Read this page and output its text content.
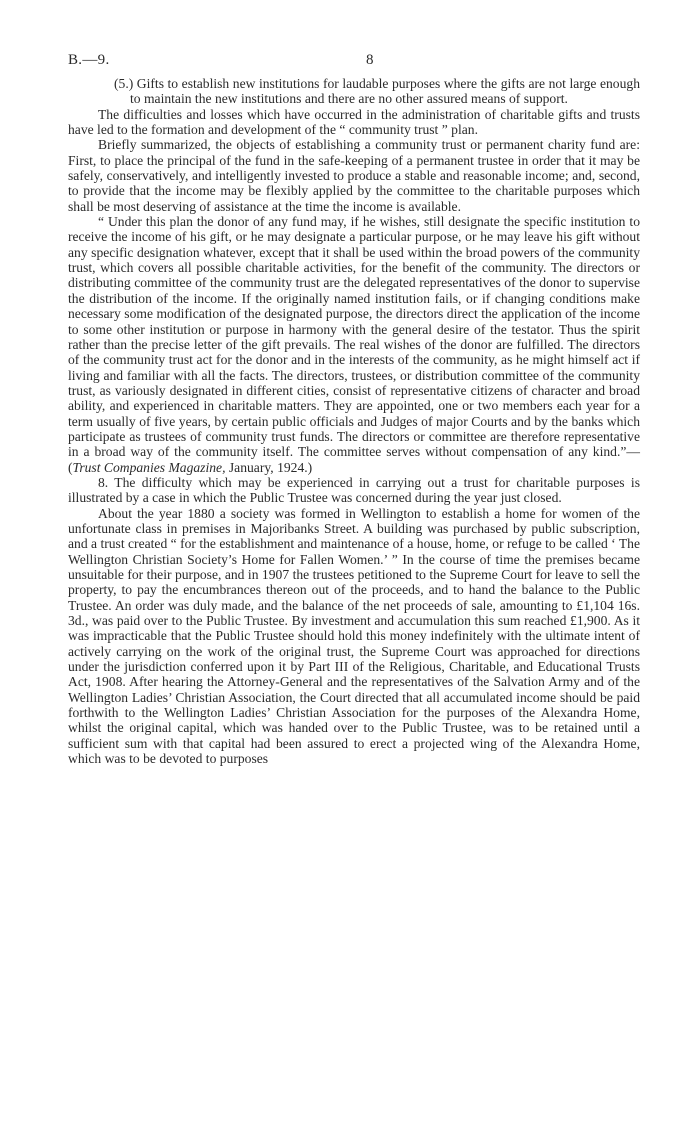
B.—9.	8

(5.) Gifts to establish new institutions for laudable purposes where the gifts are not large enough to maintain the new institutions and there are no other assured means of support.

The difficulties and losses which have occurred in the administration of charitable gifts and trusts have led to the formation and development of the “ community trust ” plan.

Briefly summarized, the objects of establishing a community trust or permanent charity fund are: First, to place the principal of the fund in the safe-keeping of a permanent trustee in order that it may be safely, conservatively, and intelligently invested to produce a stable and reasonable income; and, second, to provide that the income may be flexibly applied by the committee to the charitable purposes which shall be most deserving of assistance at the time the income is available.

“ Under this plan the donor of any fund may, if he wishes, still designate the specific institution to receive the income of his gift, or he may designate a particular purpose, or he may leave his gift without any specific designation whatever, except that it shall be used within the broad powers of the community trust, which covers all possible charitable activities, for the benefit of the community. The directors or distributing committee of the community trust are the delegated representatives of the donor to supervise the distribution of the income. If the originally named institution fails, or if changing conditions make necessary some modification of the designated purpose, the directors direct the application of the income to some other institution or purpose in harmony with the general desire of the testator. Thus the spirit rather than the precise letter of the gift prevails. The real wishes of the donor are fulfilled. The directors of the community trust act for the donor and in the interests of the community, as he might himself act if living and familiar with all the facts. The directors, trustees, or distribution committee of the community trust, as variously designated in different cities, consist of representative citizens of character and broad ability, and experienced in charitable matters. They are appointed, one or two members each year for a term usually of five years, by certain public officials and Judges of major Courts and by the banks which participate as trustees of community trust funds. The directors or committee are therefore representative in a broad way of the community itself. The committee serves without compensation of any kind.”—(Trust Companies Magazine, January, 1924.)

8. The difficulty which may be experienced in carrying out a trust for charitable purposes is illustrated by a case in which the Public Trustee was concerned during the year just closed.

About the year 1880 a society was formed in Wellington to establish a home for women of the unfortunate class in premises in Majoribanks Street. A building was purchased by public subscription, and a trust created “ for the establishment and maintenance of a house, home, or refuge to be called ‘ The Wellington Christian Society’s Home for Fallen Women.’ ” In the course of time the premises became unsuitable for their purpose, and in 1907 the trustees petitioned to the Supreme Court for leave to sell the property, to pay the encumbrances thereon out of the proceeds, and to hand the balance to the Public Trustee. An order was duly made, and the balance of the net proceeds of sale, amounting to £1,104 16s. 3d., was paid over to the Public Trustee. By investment and accumulation this sum reached £1,900. As it was impracticable that the Public Trustee should hold this money indefinitely with the ultimate intent of actively carrying on the work of the original trust, the Supreme Court was approached for directions under the jurisdiction conferred upon it by Part III of the Religious, Charitable, and Educational Trusts Act, 1908. After hearing the Attorney-General and the representatives of the Salvation Army and of the Wellington Ladies’ Christian Association, the Court directed that all accumulated income should be paid forthwith to the Wellington Ladies’ Christian Association for the purposes of the Alexandra Home, whilst the original capital, which was handed over to the Public Trustee, was to be retained until a sufficient sum with that capital had been assured to erect a projected wing of the Alexandra Home, which was to be devoted to purposes
